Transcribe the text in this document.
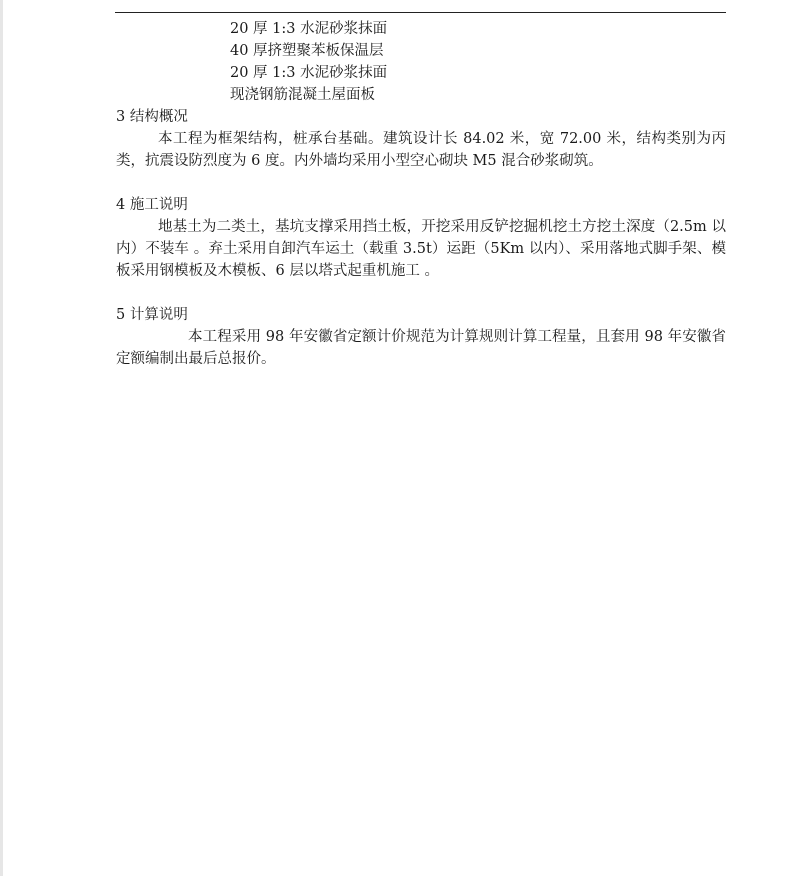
20 厚 1:3 水泥砂浆抹面
40 厚挤塑聚苯板保温层
20 厚 1:3 水泥砂浆抹面
现浇钢筋混凝土屋面板
3 结构概况
本工程为框架结构，桩承台基础。建筑设计长 84.02 米，宽 72.00 米，结构类别为丙类，抗震设防烈度为 6 度。内外墙均采用小型空心砌块 M5 混合砂浆砌筑。
4 施工说明
地基土为二类土，基坑支撑采用挡土板，开挖采用反铲挖掘机挖土方挖土深度（2.5m 以内）不装车 。弃土采用自卸汽车运土（载重 3.5t）运距（5Km 以内）、采用落地式脚手架、模板采用钢模板及木模板、6 层以塔式起重机施工 。
5 计算说明
本工程采用 98 年安徽省定额计价规范为计算规则计算工程量，且套用 98 年安徽省定额编制出最后总报价。
